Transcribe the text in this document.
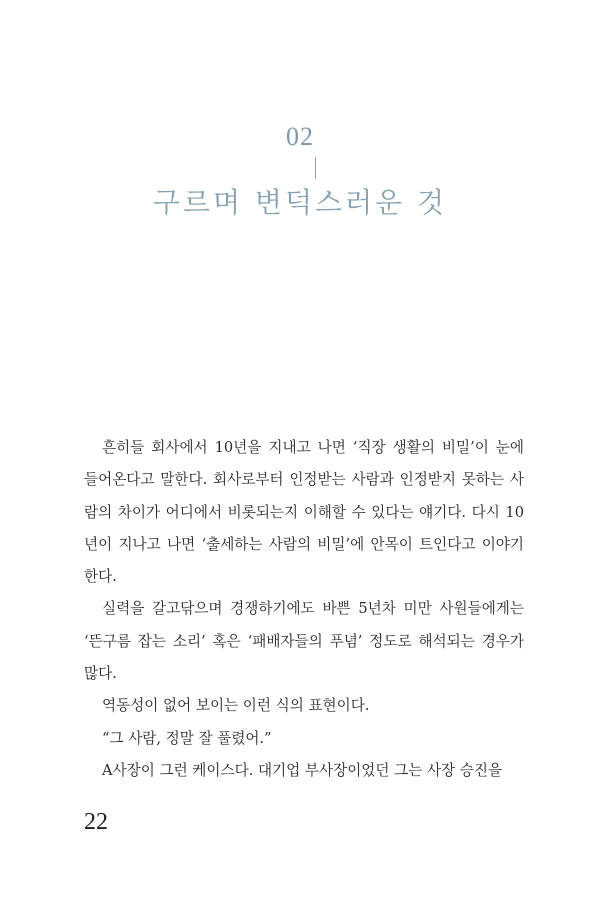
02
구르며 변덕스러운 것

흔히들 회사에서 10년을 지내고 나면 ‘직장 생활의 비밀’이 눈에 들어온다고 말한다. 회사로부터 인정받는 사람과 인정받지 못하는 사람의 차이가 어디에서 비롯되는지 이해할 수 있다는 얘기다. 다시 10년이 지나고 나면 ‘출세하는 사람의 비밀’에 안목이 트인다고 이야기한다.

실력을 갈고닦으며 경쟁하기에도 바쁜 5년차 미만 사원들에게는 ‘뜬구름 잡는 소리’ 혹은 ‘패배자들의 푸념’ 정도로 해석되는 경우가 많다.

역동성이 없어 보이는 이런 식의 표현이다.

“그 사람, 정말 잘 풀렸어.”

A사장이 그런 케이스다. 대기업 부사장이었던 그는 사장 승진을

22
